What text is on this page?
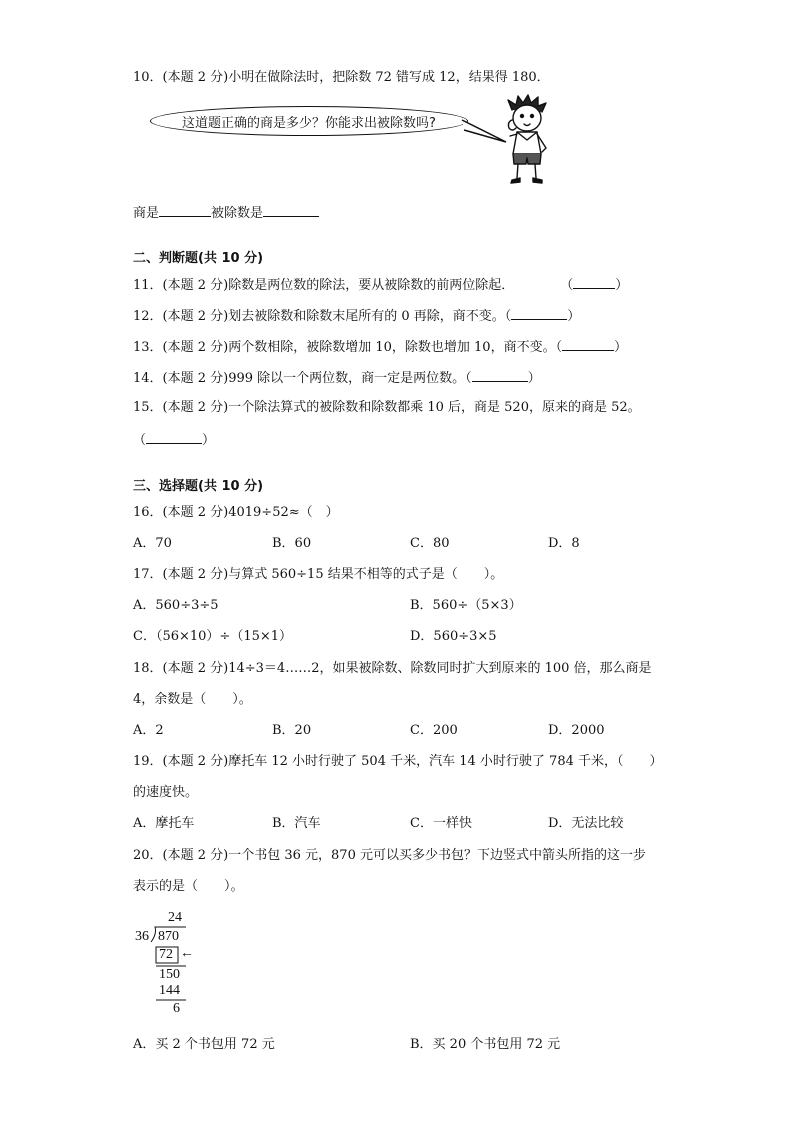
10．(本题 2 分)小明在做除法时，把除数 72 错写成 12，结果得 180．
这道题正确的商是多少？你能求出被除数吗?
商是	被除数是
二、判断题(共 10 分)
11．(本题 2 分)除数是两位数的除法，要从被除数的前两位除起．	（	）
12．(本题 2 分)划去被除数和除数末尾所有的 0 再除，商不变。（	）
13．(本题 2 分)两个数相除，被除数增加 10，除数也增加 10，商不变。（	）
14．(本题 2 分)999 除以一个两位数，商一定是两位数。（	）
15．(本题 2 分)一个除法算式的被除数和除数都乘 10 后，商是 520，原来的商是 52。
（	）
三、选择题(共 10 分)
16．(本题 2 分)4019÷52≈（　）
A．70	B．60	C．80	D．8
17．(本题 2 分)与算式 560÷15 结果不相等的式子是（　　）。
A．560÷3÷5	B．560÷（5×3）
C．（56×10）÷（15×1）	D．560÷3×5
18．(本题 2 分)14÷3＝4……2，如果被除数、除数同时扩大到原来的 100 倍，那么商是
4，余数是（　　）。
A．2	B．20	C．200	D．2000
19．(本题 2 分)摩托车 12 小时行驶了 504 千米，汽车 14 小时行驶了 784 千米，（　　）
的速度快。
A．摩托车	B．汽车	C．一样快	D．无法比较
20．(本题 2 分)一个书包 36 元，870 元可以买多少书包？下边竖式中箭头所指的这一步
表示的是（　　）。
24
36 870
72 ←
150
144
6
A．买 2 个书包用 72 元	B．买 20 个书包用 72 元
